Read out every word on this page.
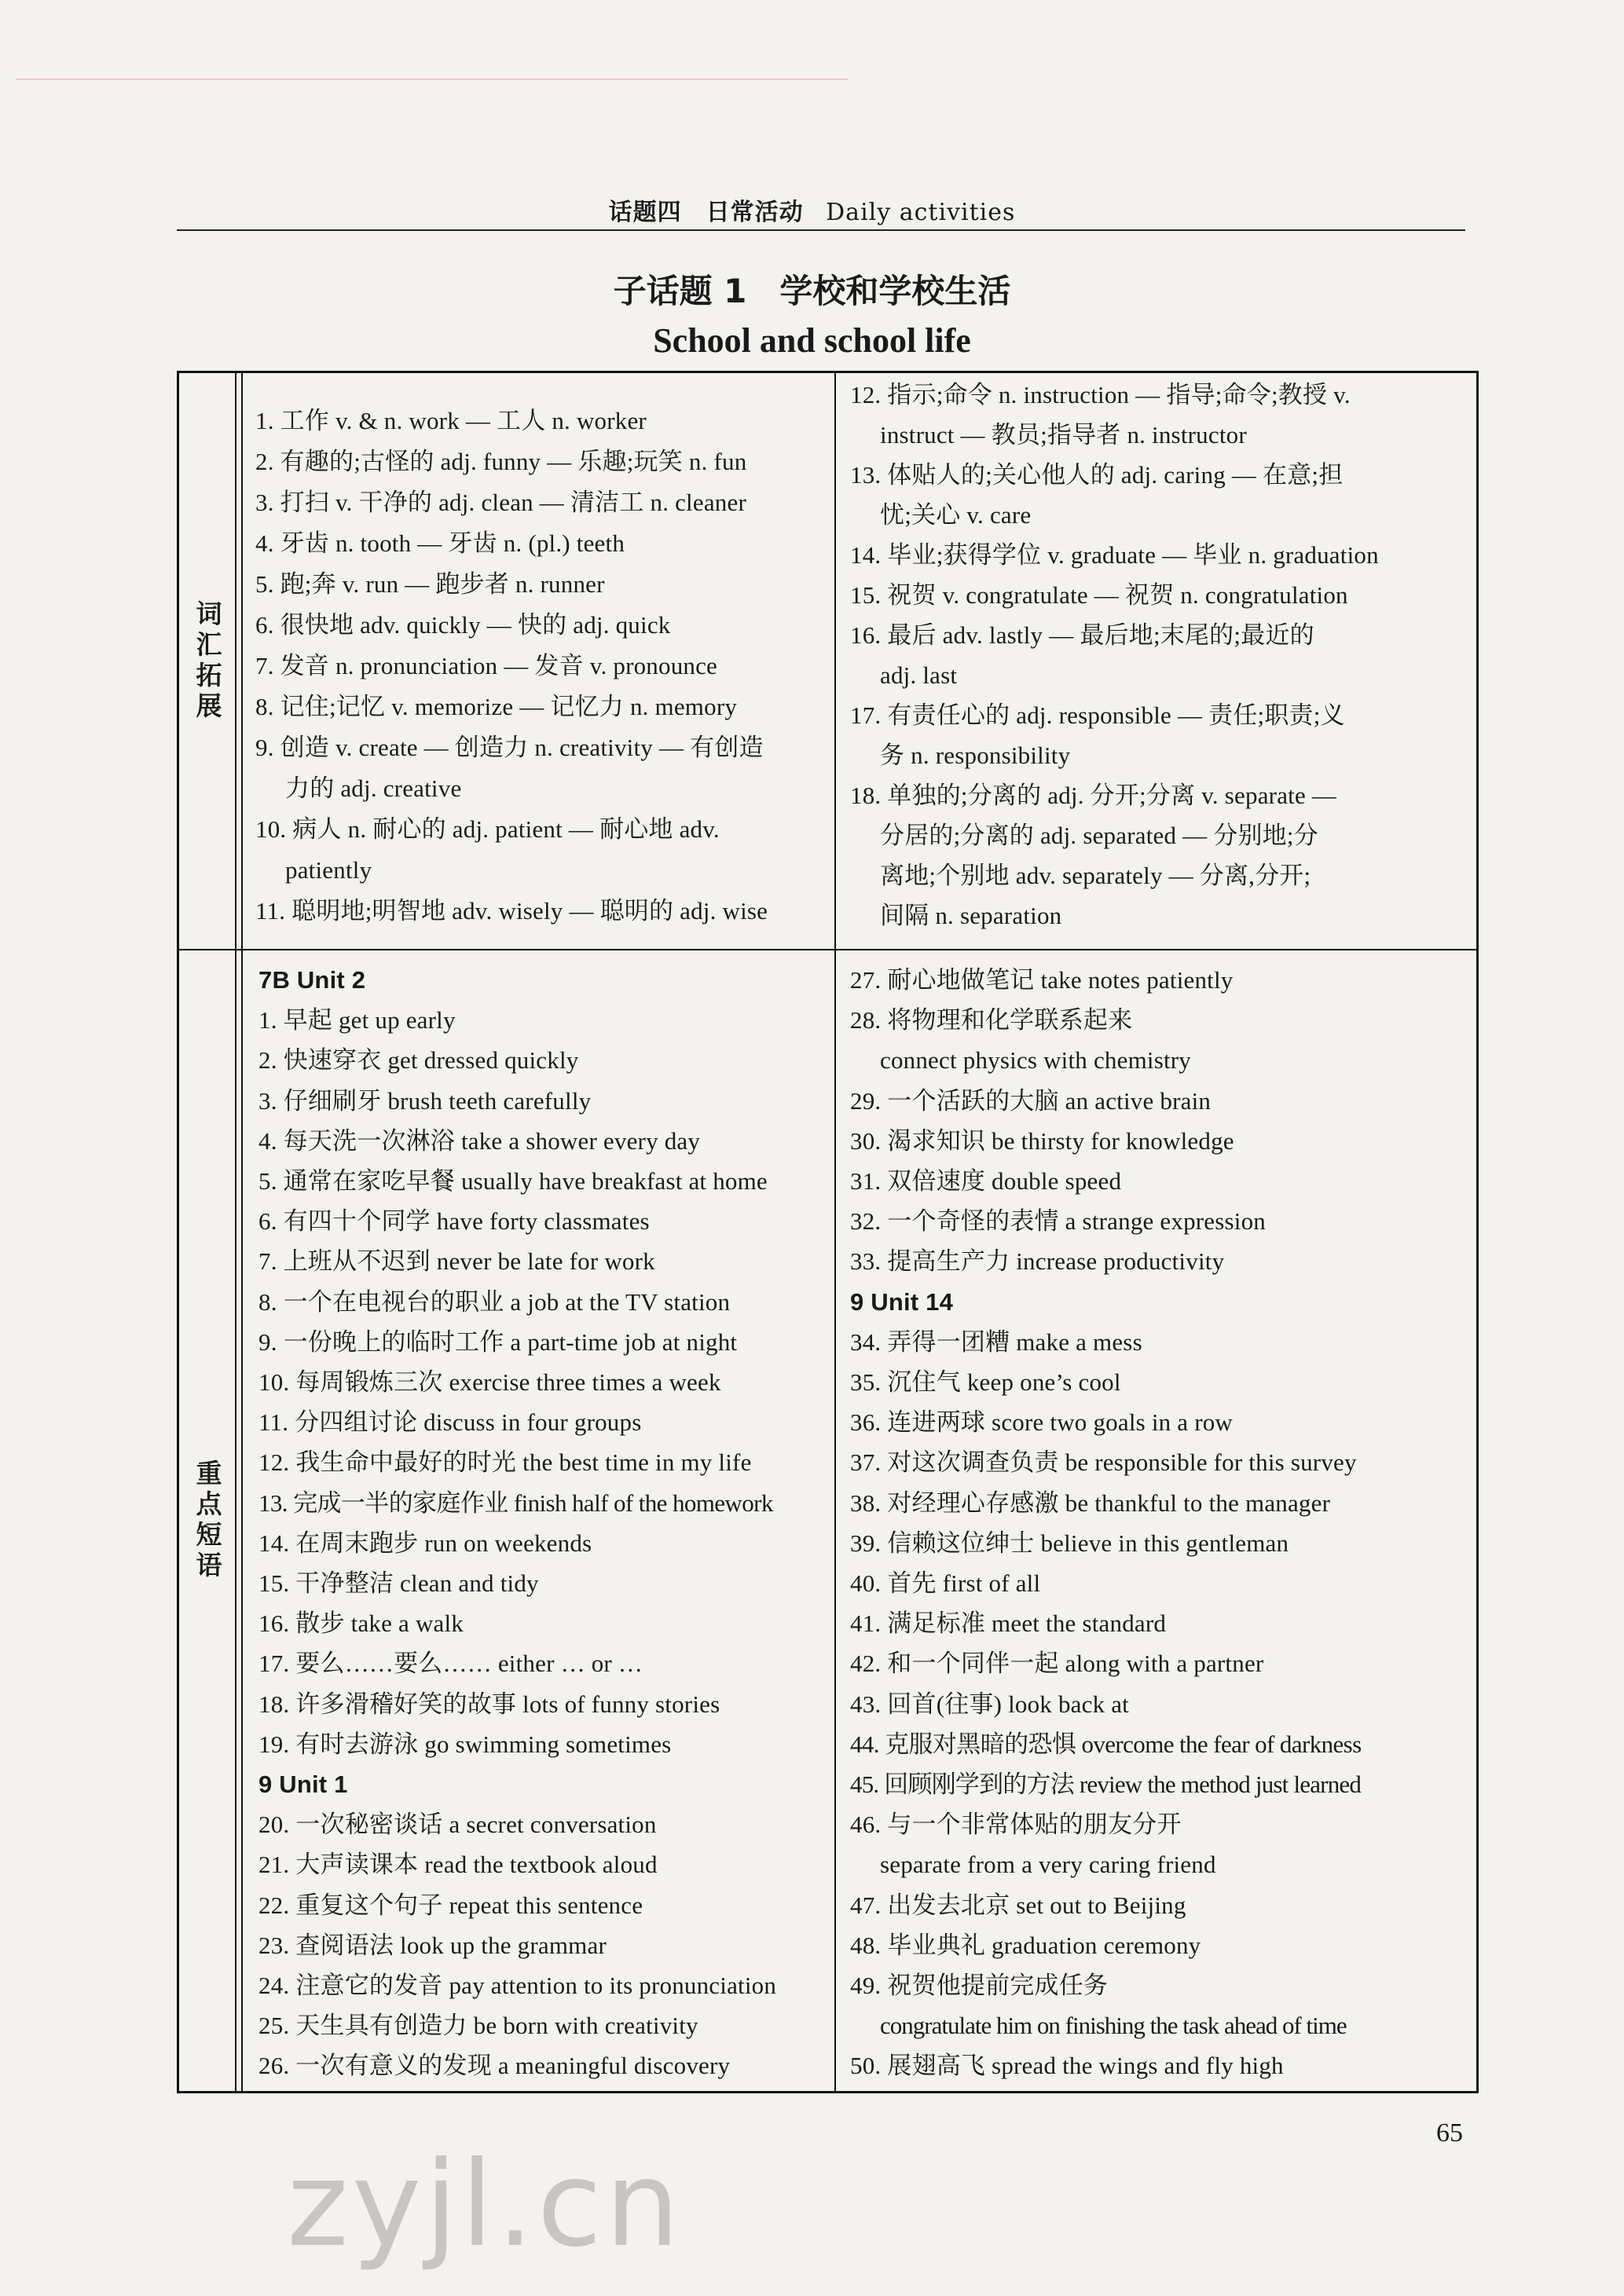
话题四　日常活动 Daily activities
子话题 1　学校和学校生活
School and school life
词汇拓展
1. 工作 v. & n. work — 工人 n. worker
2. 有趣的;古怪的 adj. funny — 乐趣;玩笑 n. fun
3. 打扫 v. 干净的 adj. clean — 清洁工 n. cleaner
4. 牙齿 n. tooth — 牙齿 n. (pl.) teeth
5. 跑;奔 v. run — 跑步者 n. runner
6. 很快地 adv. quickly — 快的 adj. quick
7. 发音 n. pronunciation — 发音 v. pronounce
8. 记住;记忆 v. memorize — 记忆力 n. memory
9. 创造 v. create — 创造力 n. creativity — 有创造
力的 adj. creative
10. 病人 n. 耐心的 adj. patient — 耐心地 adv.
patiently
11. 聪明地;明智地 adv. wisely — 聪明的 adj. wise
12. 指示;命令 n. instruction — 指导;命令;教授 v.
instruct — 教员;指导者 n. instructor
13. 体贴人的;关心他人的 adj. caring — 在意;担
忧;关心 v. care
14. 毕业;获得学位 v. graduate — 毕业 n. graduation
15. 祝贺 v. congratulate — 祝贺 n. congratulation
16. 最后 adv. lastly — 最后地;末尾的;最近的
adj. last
17. 有责任心的 adj. responsible — 责任;职责;义
务 n. responsibility
18. 单独的;分离的 adj. 分开;分离 v. separate —
分居的;分离的 adj. separated — 分别地;分
离地;个别地 adv. separately — 分离,分开;
间隔 n. separation
重点短语
7B Unit 2
1. 早起 get up early
2. 快速穿衣 get dressed quickly
3. 仔细刷牙 brush teeth carefully
4. 每天洗一次淋浴 take a shower every day
5. 通常在家吃早餐 usually have breakfast at home
6. 有四十个同学 have forty classmates
7. 上班从不迟到 never be late for work
8. 一个在电视台的职业 a job at the TV station
9. 一份晚上的临时工作 a part-time job at night
10. 每周锻炼三次 exercise three times a week
11. 分四组讨论 discuss in four groups
12. 我生命中最好的时光 the best time in my life
13. 完成一半的家庭作业 finish half of the homework
14. 在周末跑步 run on weekends
15. 干净整洁 clean and tidy
16. 散步 take a walk
17. 要么……要么…… either … or …
18. 许多滑稽好笑的故事 lots of funny stories
19. 有时去游泳 go swimming sometimes
9 Unit 1
20. 一次秘密谈话 a secret conversation
21. 大声读课本 read the textbook aloud
22. 重复这个句子 repeat this sentence
23. 查阅语法 look up the grammar
24. 注意它的发音 pay attention to its pronunciation
25. 天生具有创造力 be born with creativity
26. 一次有意义的发现 a meaningful discovery
27. 耐心地做笔记 take notes patiently
28. 将物理和化学联系起来
connect physics with chemistry
29. 一个活跃的大脑 an active brain
30. 渴求知识 be thirsty for knowledge
31. 双倍速度 double speed
32. 一个奇怪的表情 a strange expression
33. 提高生产力 increase productivity
9 Unit 14
34. 弄得一团糟 make a mess
35. 沉住气 keep one’s cool
36. 连进两球 score two goals in a row
37. 对这次调查负责 be responsible for this survey
38. 对经理心存感激 be thankful to the manager
39. 信赖这位绅士 believe in this gentleman
40. 首先 first of all
41. 满足标准 meet the standard
42. 和一个同伴一起 along with a partner
43. 回首(往事) look back at
44. 克服对黑暗的恐惧 overcome the fear of darkness
45. 回顾刚学到的方法 review the method just learned
46. 与一个非常体贴的朋友分开
separate from a very caring friend
47. 出发去北京 set out to Beijing
48. 毕业典礼 graduation ceremony
49. 祝贺他提前完成任务
congratulate him on finishing the task ahead of time
50. 展翅高飞 spread the wings and fly high
65
zyjl.cn
